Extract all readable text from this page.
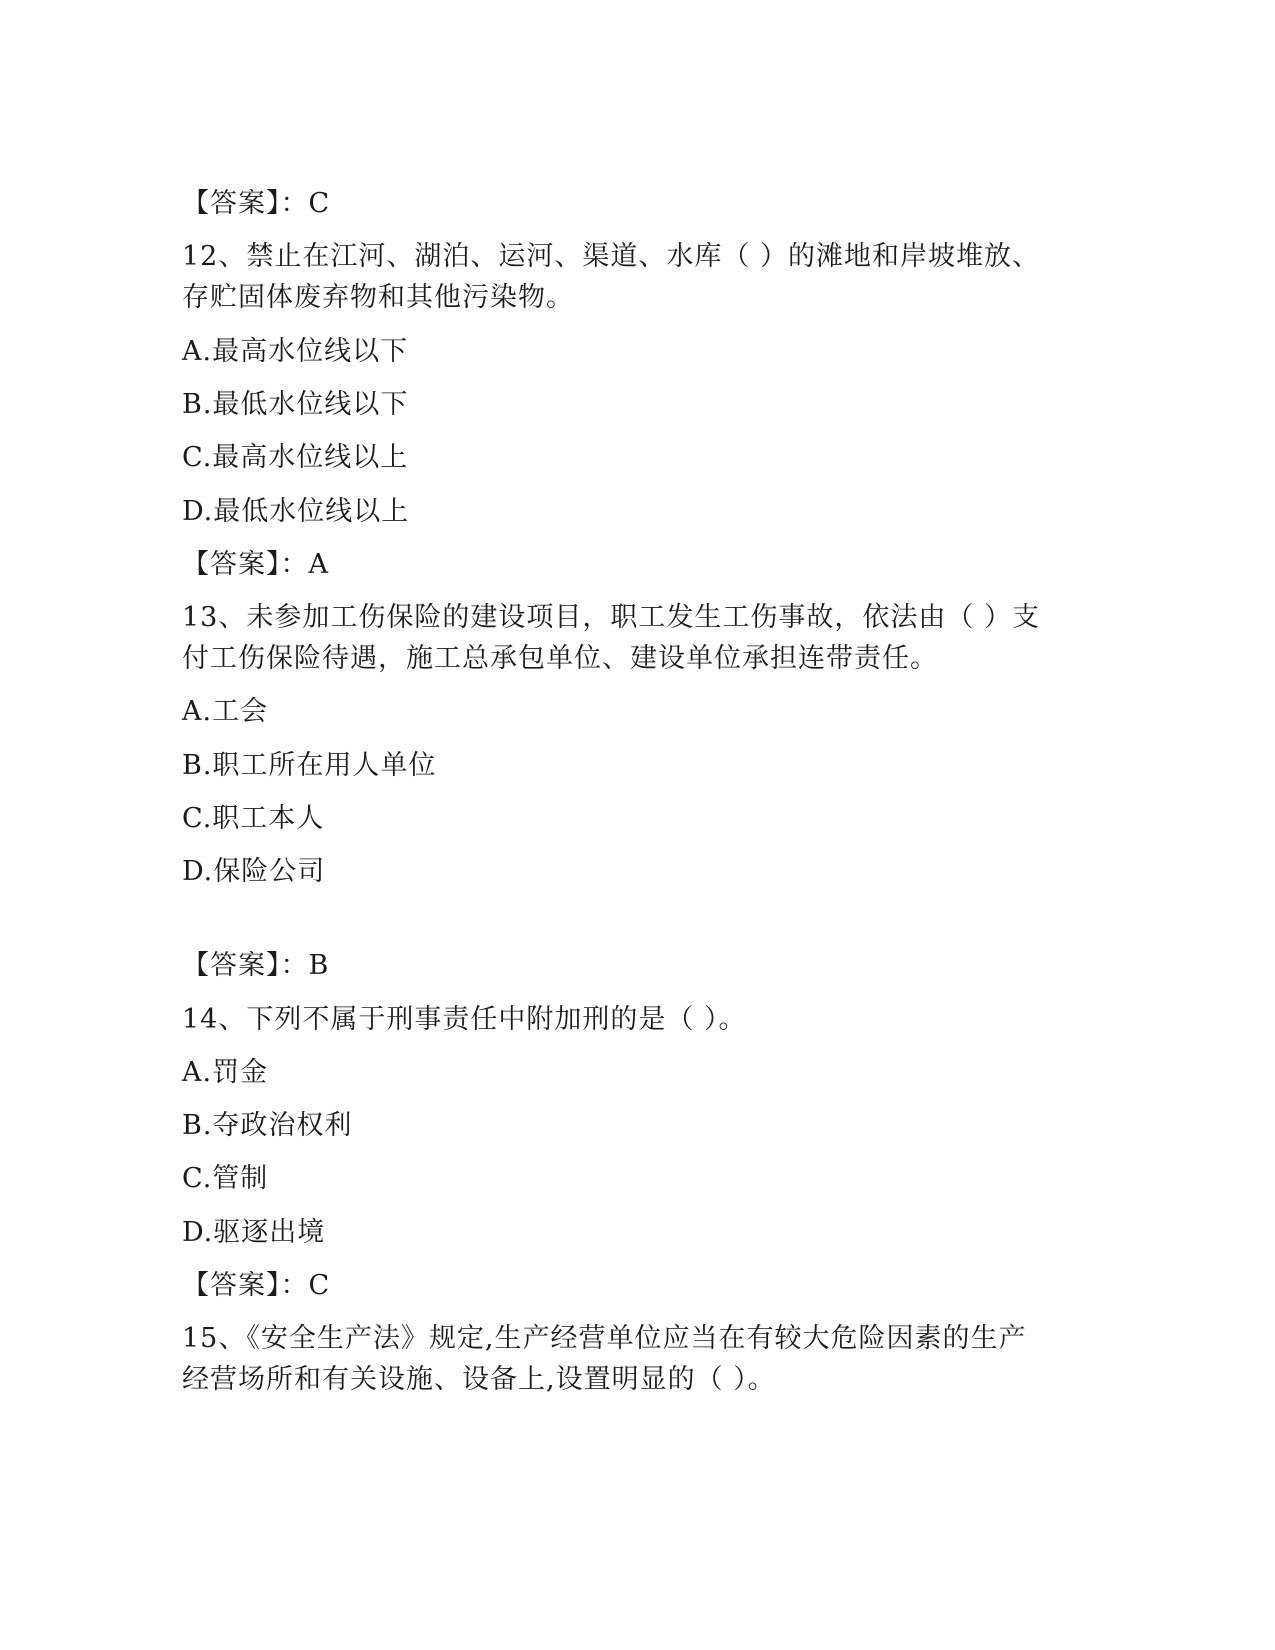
【答案】：C
12、禁止在江河、湖泊、运河、渠道、水库（ ）的滩地和岸坡堆放、
存贮固体废弃物和其他污染物。
A.最高水位线以下
B.最低水位线以下
C.最高水位线以上
D.最低水位线以上
【答案】：A
13、未参加工伤保险的建设项目，职工发生工伤事故，依法由（ ）支
付工伤保险待遇，施工总承包单位、建设单位承担连带责任。
A.工会
B.职工所在用人单位
C.职工本人
D.保险公司
【答案】：B
14、下列不属于刑事责任中附加刑的是（ ）。
A.罚金
B.夺政治权利
C.管制
D.驱逐出境
【答案】：C
15、《安全生产法》规定,生产经营单位应当在有较大危险因素的生产
经营场所和有关设施、设备上,设置明显的（ ）。
